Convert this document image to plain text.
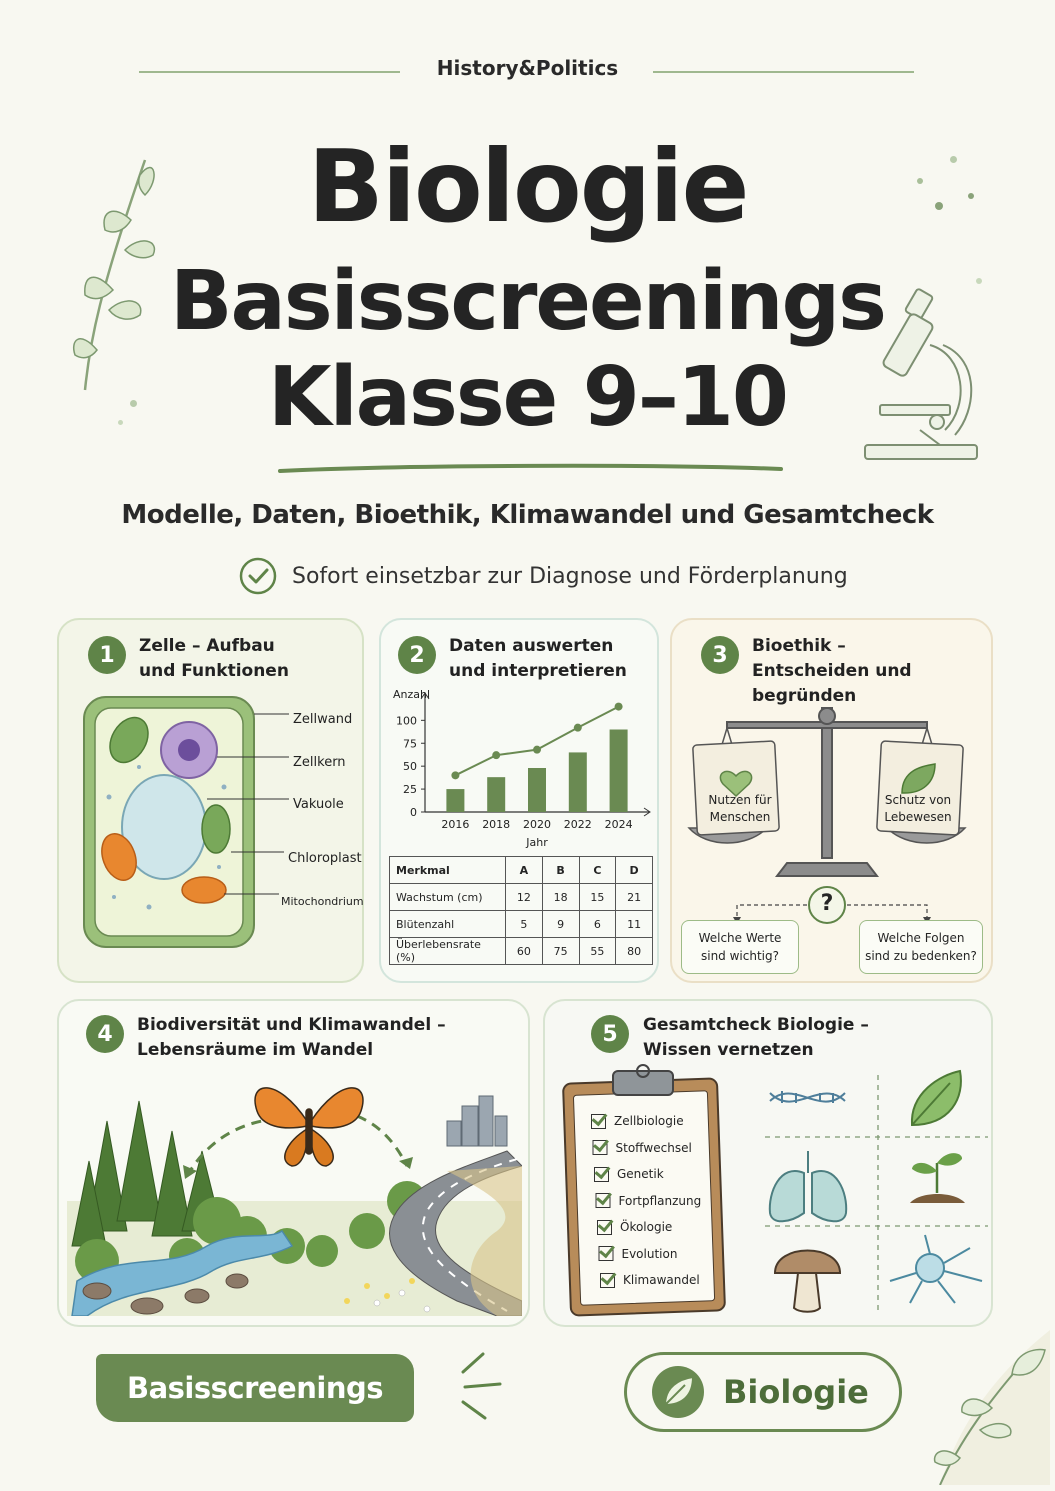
History&Politics
Biologie
Basisscreenings
Klasse 9–10
Modelle, Daten, Bioethik, Klimawandel und Gesamtcheck
Sofort einsetzbar zur Diagnose und Förderplanung
1	Zelle – Aufbau
und Funktionen
Zellwand
Zellkern
Vakuole
Chloroplast
Mitochondrium
2	Daten auswerten
und interpretieren
Anzahl
Jahr
100
75
50
25
0
2016 2018 2020 2022 2024
Merkmal	A	B	C	D
Wachstum (cm)	12	18	15	21
Blütenzahl	5	9	6	11
Überlebensrate (%)	60	75	55	80
3	Bioethik –
Entscheiden und begründen
Nutzen für
Menschen
Schutz von
Lebewesen
?
Welche Werte
sind wichtig?
Welche Folgen
sind zu bedenken?
4	Biodiversität und Klimawandel –
Lebensräume im Wandel
5	Gesamtcheck Biologie –
Wissen vernetzen
Zellbiologie
Stoffwechsel
Genetik
Fortpflanzung
Ökologie
Evolution
Klimawandel
Basisscreenings	Biologie
